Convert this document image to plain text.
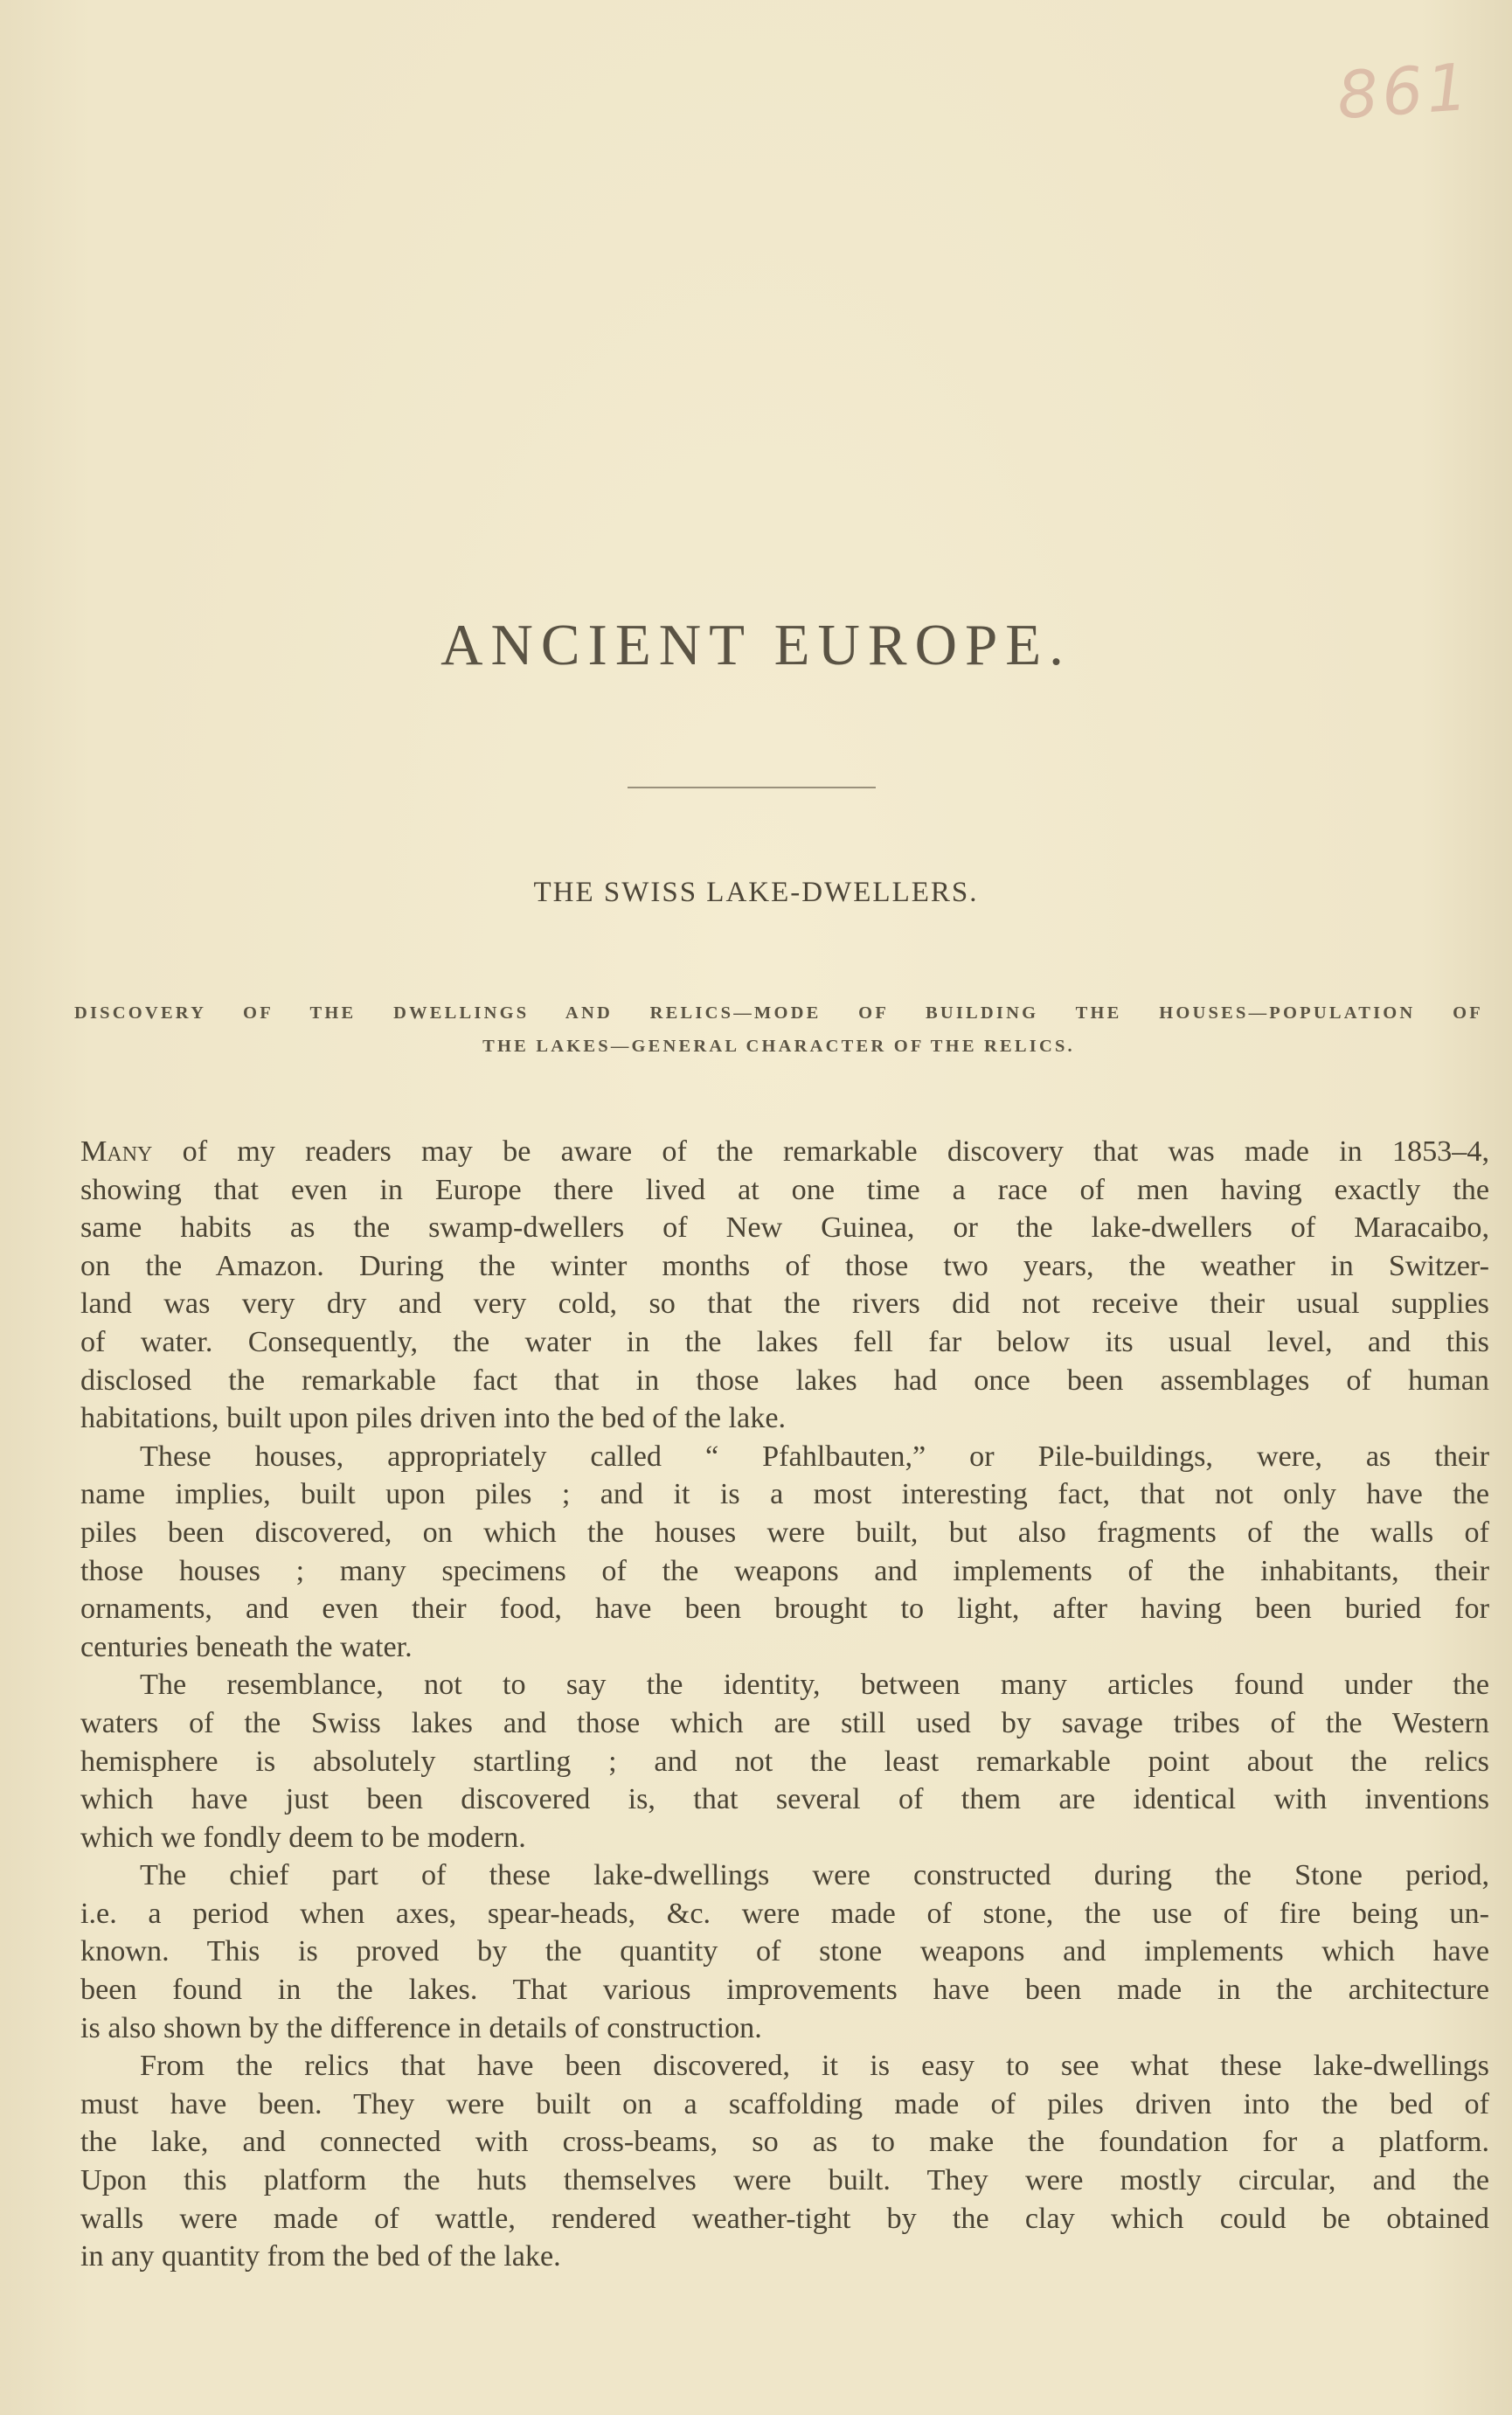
861
ANCIENT EUROPE.
THE SWISS LAKE-DWELLERS.
DISCOVERY OF THE DWELLINGS AND RELICS—MODE OF BUILDING THE HOUSES—POPULATION OF
THE LAKES—GENERAL CHARACTER OF THE RELICS.
Many of my readers may be aware of the remarkable discovery that was made in 1853–4,
showing that even in Europe there lived at one time a race of men having exactly the
same habits as the swamp-dwellers of New Guinea, or the lake-dwellers of Maracaibo,
on the Amazon. During the winter months of those two years, the weather in Switzer-
land was very dry and very cold, so that the rivers did not receive their usual supplies
of water. Consequently, the water in the lakes fell far below its usual level, and this
disclosed the remarkable fact that in those lakes had once been assemblages of human
habitations, built upon piles driven into the bed of the lake.
These houses, appropriately called “ Pfahlbauten,” or Pile-buildings, were, as their
name implies, built upon piles ; and it is a most interesting fact, that not only have the
piles been discovered, on which the houses were built, but also fragments of the walls of
those houses ; many specimens of the weapons and implements of the inhabitants, their
ornaments, and even their food, have been brought to light, after having been buried for
centuries beneath the water.
The resemblance, not to say the identity, between many articles found under the
waters of the Swiss lakes and those which are still used by savage tribes of the Western
hemisphere is absolutely startling ; and not the least remarkable point about the relics
which have just been discovered is, that several of them are identical with inventions
which we fondly deem to be modern.
The chief part of these lake-dwellings were constructed during the Stone period,
i.e. a period when axes, spear-heads, &c. were made of stone, the use of fire being un-
known. This is proved by the quantity of stone weapons and implements which have
been found in the lakes. That various improvements have been made in the architecture
is also shown by the difference in details of construction.
From the relics that have been discovered, it is easy to see what these lake-dwellings
must have been. They were built on a scaffolding made of piles driven into the bed of
the lake, and connected with cross-beams, so as to make the foundation for a platform.
Upon this platform the huts themselves were built. They were mostly circular, and the
walls were made of wattle, rendered weather-tight by the clay which could be obtained
in any quantity from the bed of the lake.
